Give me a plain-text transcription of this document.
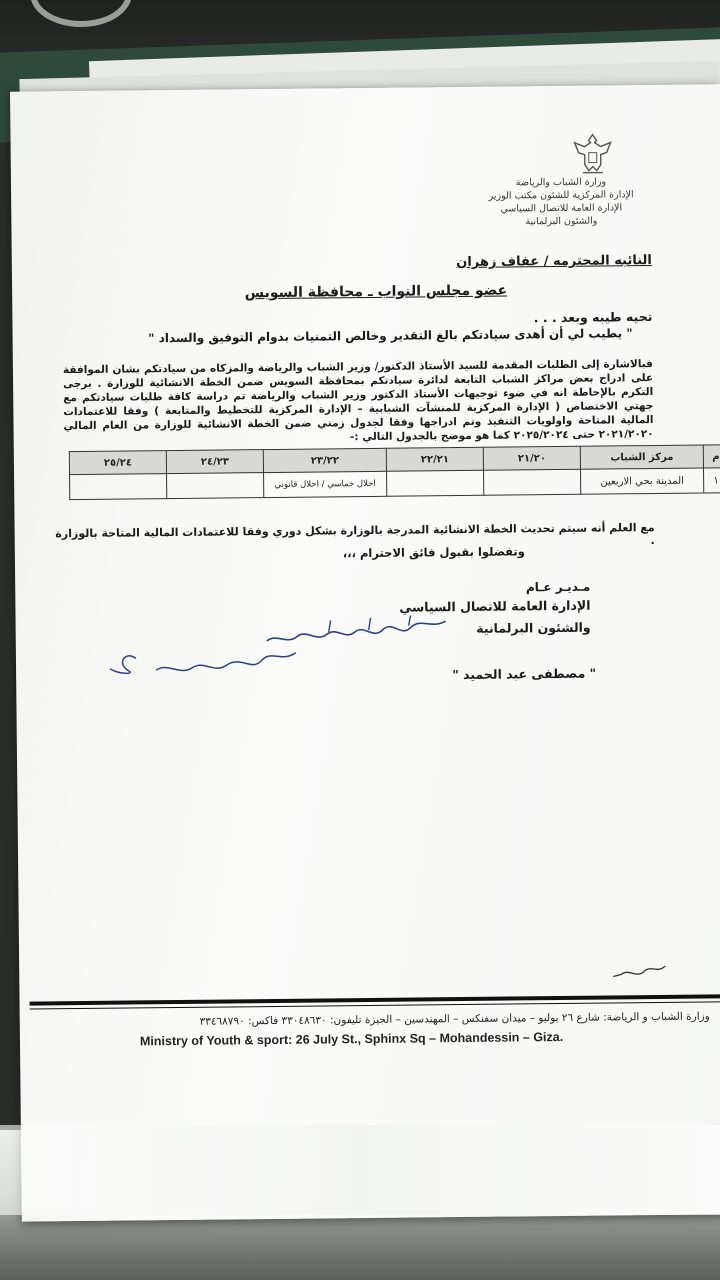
وزارة الشباب والرياضة
الإدارة المركزية للشئون مكتب الوزير
الإدارة العامة للاتصال السياسي
والشئون البرلمانية
النائبه المحترمه / عفاف زهران
عضو مجلس النواب ـ محافظة السويس
تحيه طيبه وبعد . . .
" يطيب لي أن أهدى سيادتكم بالغ التقدير وخالص التمنيات بدوام التوفيق والسداد "
فبالاشارة إلى الطلبات المقدمة للسيد الأستاذ الدكتور/ وزير الشباب والرياضة والمزكاه من سيادتكم بشان الموافقة على ادراج بعض مراكز الشباب التابعة لدائرة سيادتكم بمحافظة السويس ضمن الخطة الانشائية للوزارة . برجى التكرم بالإحاطة انه في ضوء توجيهات الأستاذ الدكتور وزير الشباب والرياضة تم دراسة كافة طلبات سيادتكم مع جهتي الاختصاص ( الإدارة المركزية للمنشآت الشبابية – الإدارة المركزية للتخطيط والمتابعة ) وفقا للاعتمادات المالية المتاحة واولويات التنفيذ وتم ادراجها وفقا لجدول زمني ضمن الخطة الانشائية للوزارة من العام المالي ٢٠٢١/٢٠٢٠ حتى ٢٠٢٥/٢٠٢٤ كما هو موضح بالجدول التالي :-
م	مركز الشباب	٢١/٢٠	٢٢/٢١	٢٣/٢٢	٢٤/٢٣	٢٥/٢٤
١	المدينة بحي الاربعين			احلال خماسي / احلال قانوني		
مع العلم أنه سيتم تحديث الخطة الانشائية المدرجة بالوزارة بشكل دوري وفقا للاعتمادات المالية المتاحة بالوزارة .
وتفضلوا بقبول فائق الاحترام ،،،
مـديـر عـام
الإدارة العامة للاتصال السياسي
والشئون البرلمانية
" مصطفى عبد الحميد "
وزارة الشباب و الرياضة: شارع ٢٦ يوليو – ميدان سفنكس – المهندسين – الجيزة تليفون: ٣٣٠٤٨٦٣٠ فاكس: ٣٣٤٦٨٧٩٠
Ministry of Youth & sport: 26 July St., Sphinx Sq – Mohandessin – Giza.
